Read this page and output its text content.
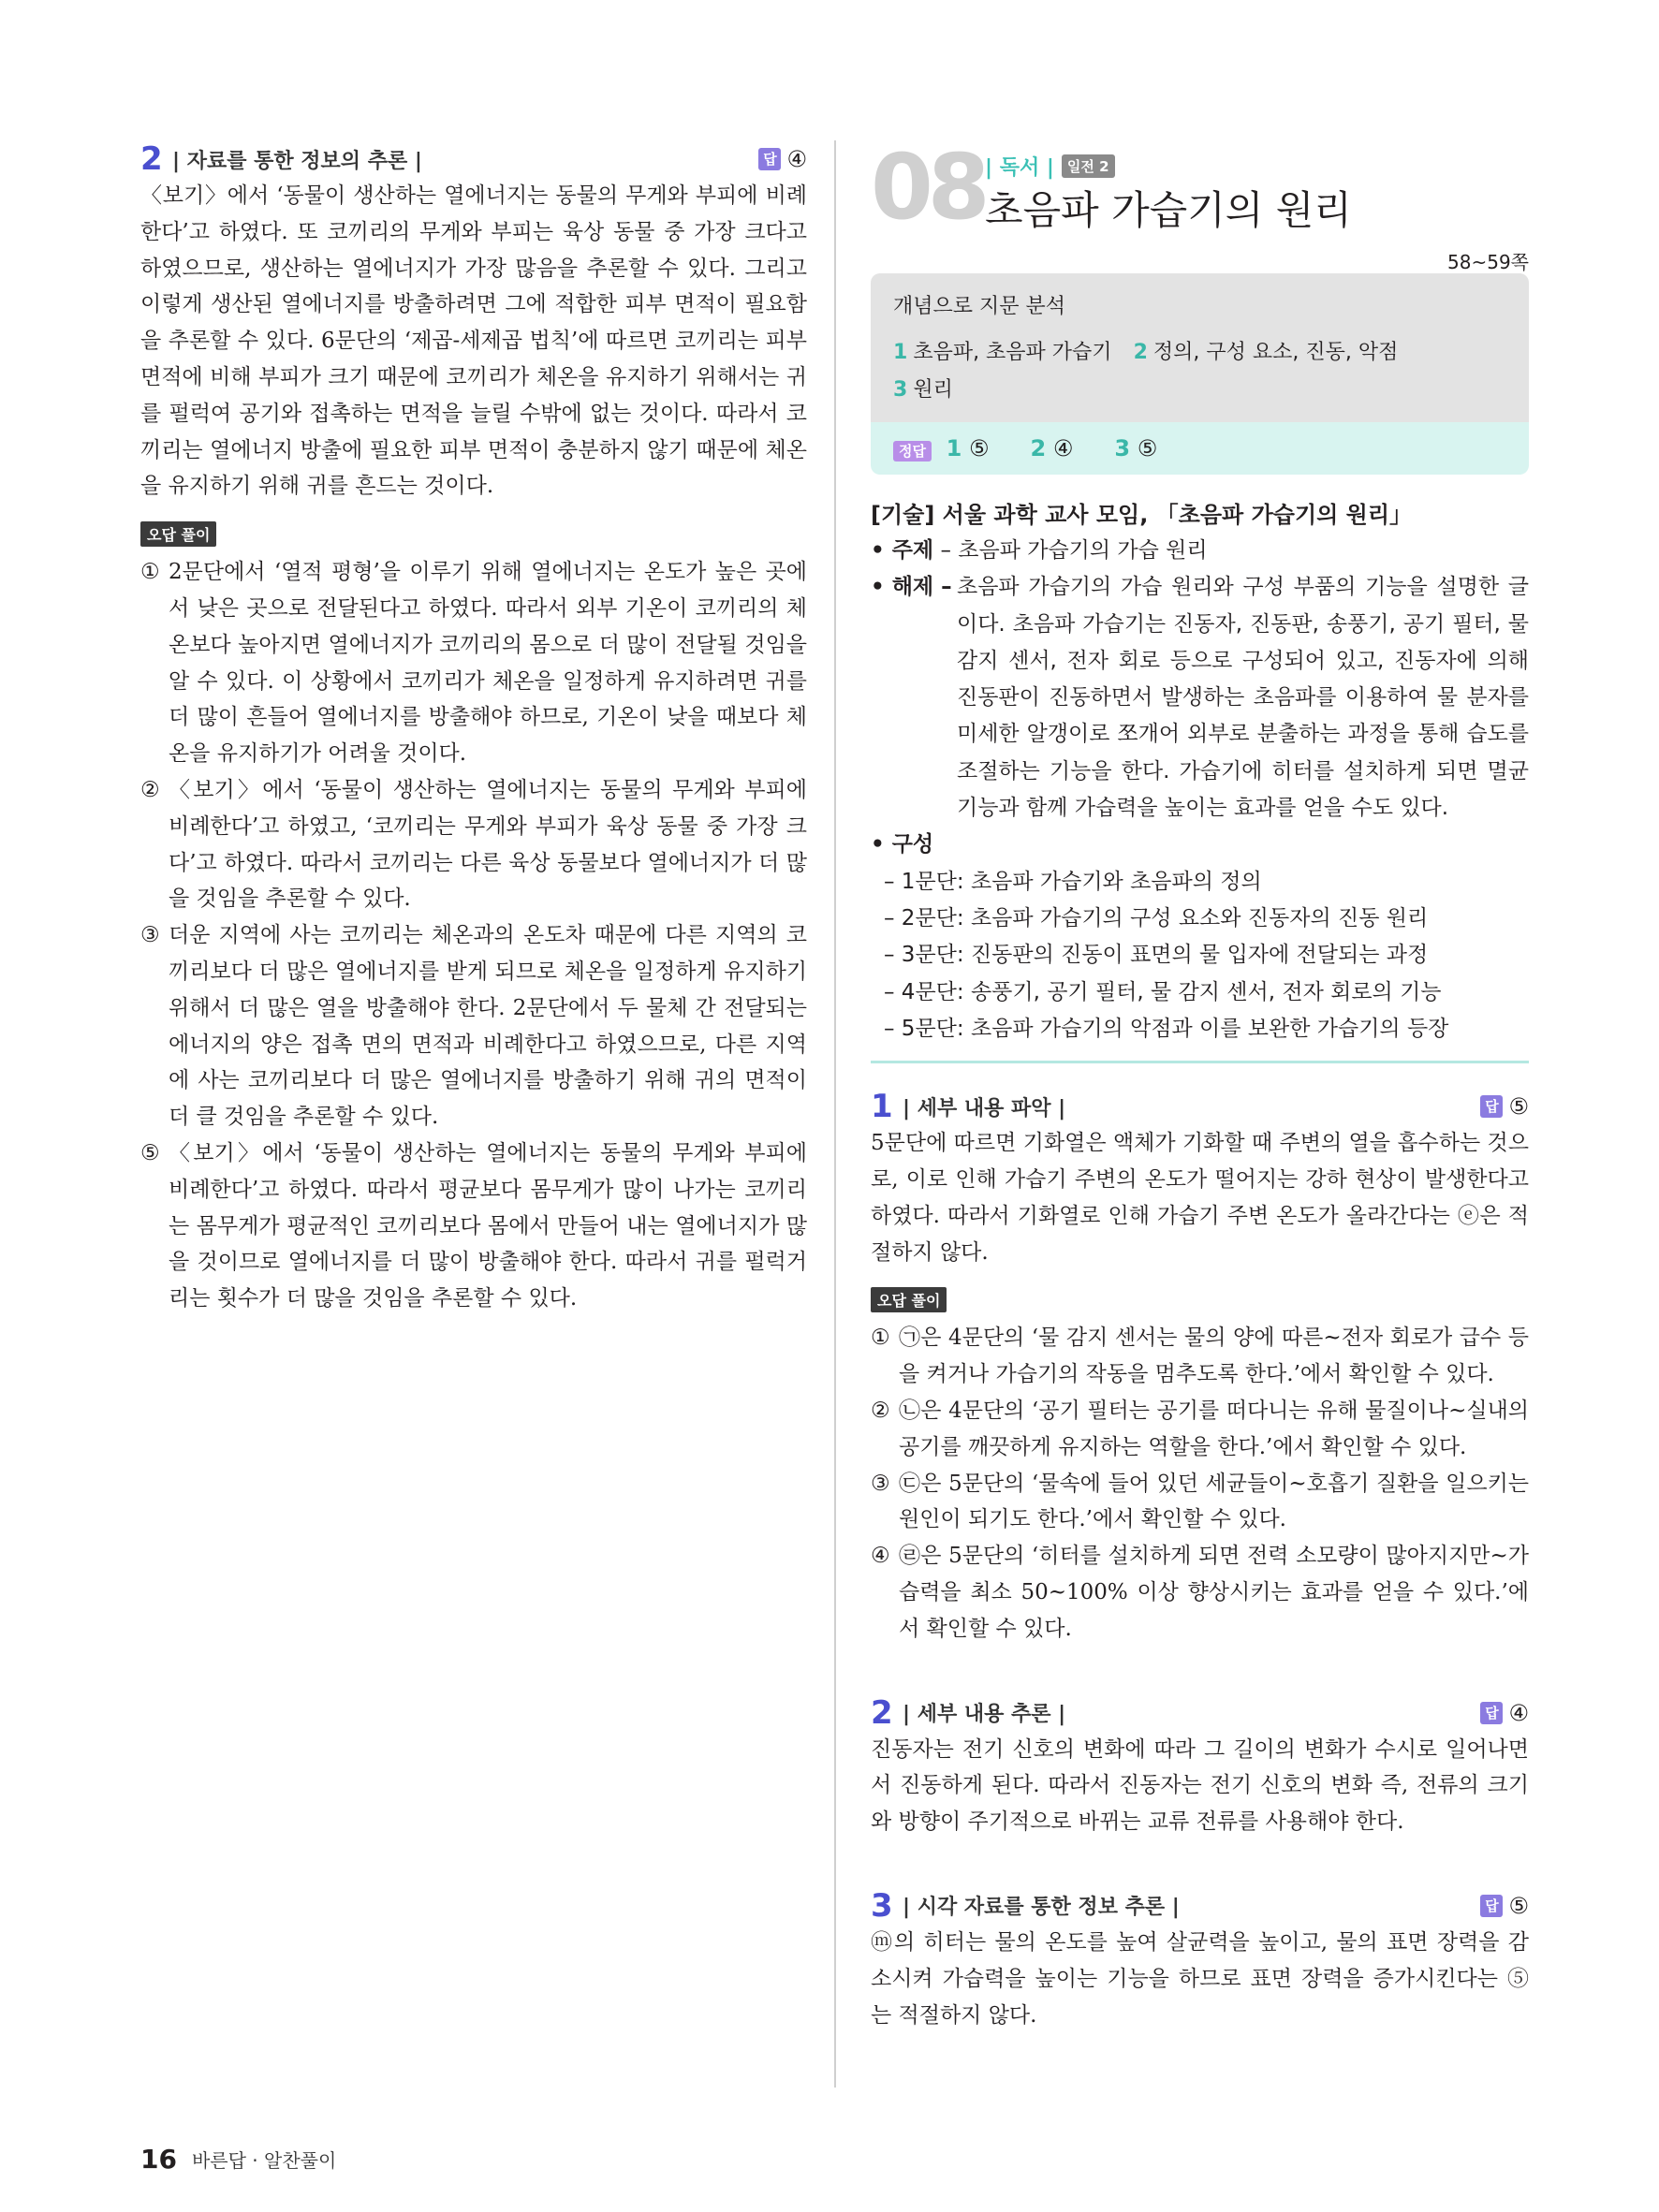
2 | 자료를 통한 정보의 추론 |	답 ④

〈보기〉에서 ‘동물이 생산하는 열에너지는 동물의 무게와 부피에 비례한다’고 하였다. 또 코끼리의 무게와 부피는 육상 동물 중 가장 크다고 하였으므로, 생산하는 열에너지가 가장 많음을 추론할 수 있다. 그리고 이렇게 생산된 열에너지를 방출하려면 그에 적합한 피부 면적이 필요함을 추론할 수 있다. 6문단의 ‘제곱-세제곱 법칙’에 따르면 코끼리는 피부 면적에 비해 부피가 크기 때문에 코끼리가 체온을 유지하기 위해서는 귀를 펄럭여 공기와 접촉하는 면적을 늘릴 수밖에 없는 것이다. 따라서 코끼리는 열에너지 방출에 필요한 피부 면적이 충분하지 않기 때문에 체온을 유지하기 위해 귀를 흔드는 것이다.

오답 풀이
① 2문단에서 ‘열적 평형’을 이루기 위해 열에너지는 온도가 높은 곳에서 낮은 곳으로 전달된다고 하였다. 따라서 외부 기온이 코끼리의 체온보다 높아지면 열에너지가 코끼리의 몸으로 더 많이 전달될 것임을 알 수 있다. 이 상황에서 코끼리가 체온을 일정하게 유지하려면 귀를 더 많이 흔들어 열에너지를 방출해야 하므로, 기온이 낮을 때보다 체온을 유지하기가 어려울 것이다.
② 〈보기〉에서 ‘동물이 생산하는 열에너지는 동물의 무게와 부피에 비례한다’고 하였고, ‘코끼리는 무게와 부피가 육상 동물 중 가장 크다’고 하였다. 따라서 코끼리는 다른 육상 동물보다 열에너지가 더 많을 것임을 추론할 수 있다.
③ 더운 지역에 사는 코끼리는 체온과의 온도차 때문에 다른 지역의 코끼리보다 더 많은 열에너지를 받게 되므로 체온을 일정하게 유지하기 위해서 더 많은 열을 방출해야 한다. 2문단에서 두 물체 간 전달되는 에너지의 양은 접촉 면의 면적과 비례한다고 하였으므로, 다른 지역에 사는 코끼리보다 더 많은 열에너지를 방출하기 위해 귀의 면적이 더 클 것임을 추론할 수 있다.
⑤ 〈보기〉에서 ‘동물이 생산하는 열에너지는 동물의 무게와 부피에 비례한다’고 하였다. 따라서 평균보다 몸무게가 많이 나가는 코끼리는 몸무게가 평균적인 코끼리보다 몸에서 만들어 내는 열에너지가 많을 것이므로 열에너지를 더 많이 방출해야 한다. 따라서 귀를 펄럭거리는 횟수가 더 많을 것임을 추론할 수 있다.
08 | 독서 | 일전 2
초음파 가습기의 원리
58~59쪽
개념으로 지문 분석
1 초음파, 초음파 가습기 2 정의, 구성 요소, 진동, 악점
3 원리
정답 1 ⑤ 2 ④ 3 ⑤
[기술] 서울 과학 교사 모임, 「초음파 가습기의 원리」
• 주제 – 초음파 가습기의 가습 원리
• 해제 – 초음파 가습기의 가습 원리와 구성 부품의 기능을 설명한 글이다. 초음파 가습기는 진동자, 진동판, 송풍기, 공기 필터, 물 감지 센서, 전자 회로 등으로 구성되어 있고, 진동자에 의해 진동판이 진동하면서 발생하는 초음파를 이용하여 물 분자를 미세한 알갱이로 쪼개어 외부로 분출하는 과정을 통해 습도를 조절하는 기능을 한다. 가습기에 히터를 설치하게 되면 멸균 기능과 함께 가습력을 높이는 효과를 얻을 수도 있다.
• 구성
– 1문단: 초음파 가습기와 초음파의 정의
– 2문단: 초음파 가습기의 구성 요소와 진동자의 진동 원리
– 3문단: 진동판의 진동이 표면의 물 입자에 전달되는 과정
– 4문단: 송풍기, 공기 필터, 물 감지 센서, 전자 회로의 기능
– 5문단: 초음파 가습기의 악점과 이를 보완한 가습기의 등장
1 | 세부 내용 파악 |	답 ⑤

5문단에 따르면 기화열은 액체가 기화할 때 주변의 열을 흡수하는 것으로, 이로 인해 가습기 주변의 온도가 떨어지는 강하 현상이 발생한다고 하였다. 따라서 기화열로 인해 가습기 주변 온도가 올라간다는 ⓔ은 적절하지 않다.

오답 풀이
① ㉠은 4문단의 ‘물 감지 센서는 물의 양에 따른~전자 회로가 급수 등을 켜거나 가습기의 작동을 멈추도록 한다.’에서 확인할 수 있다.
② ㉡은 4문단의 ‘공기 필터는 공기를 떠다니는 유해 물질이나~실내의 공기를 깨끗하게 유지하는 역할을 한다.’에서 확인할 수 있다.
③ ㉢은 5문단의 ‘물속에 들어 있던 세균들이~호흡기 질환을 일으키는 원인이 되기도 한다.’에서 확인할 수 있다.
④ ㉣은 5문단의 ‘히터를 설치하게 되면 전력 소모량이 많아지지만~가습력을 최소 50~100% 이상 향상시키는 효과를 얻을 수 있다.’에서 확인할 수 있다.
2 | 세부 내용 추론 |	답 ④

진동자는 전기 신호의 변화에 따라 그 길이의 변화가 수시로 일어나면서 진동하게 된다. 따라서 진동자는 전기 신호의 변화 즉, 전류의 크기와 방향이 주기적으로 바뀌는 교류 전류를 사용해야 한다.

3 | 시각 자료를 통한 정보 추론 |	답 ⑤

ⓜ의 히터는 물의 온도를 높여 살균력을 높이고, 물의 표면 장력을 감소시켜 가습력을 높이는 기능을 하므로 표면 장력을 증가시킨다는 ⑤는 적절하지 않다.

16 바른답 · 알찬풀이
